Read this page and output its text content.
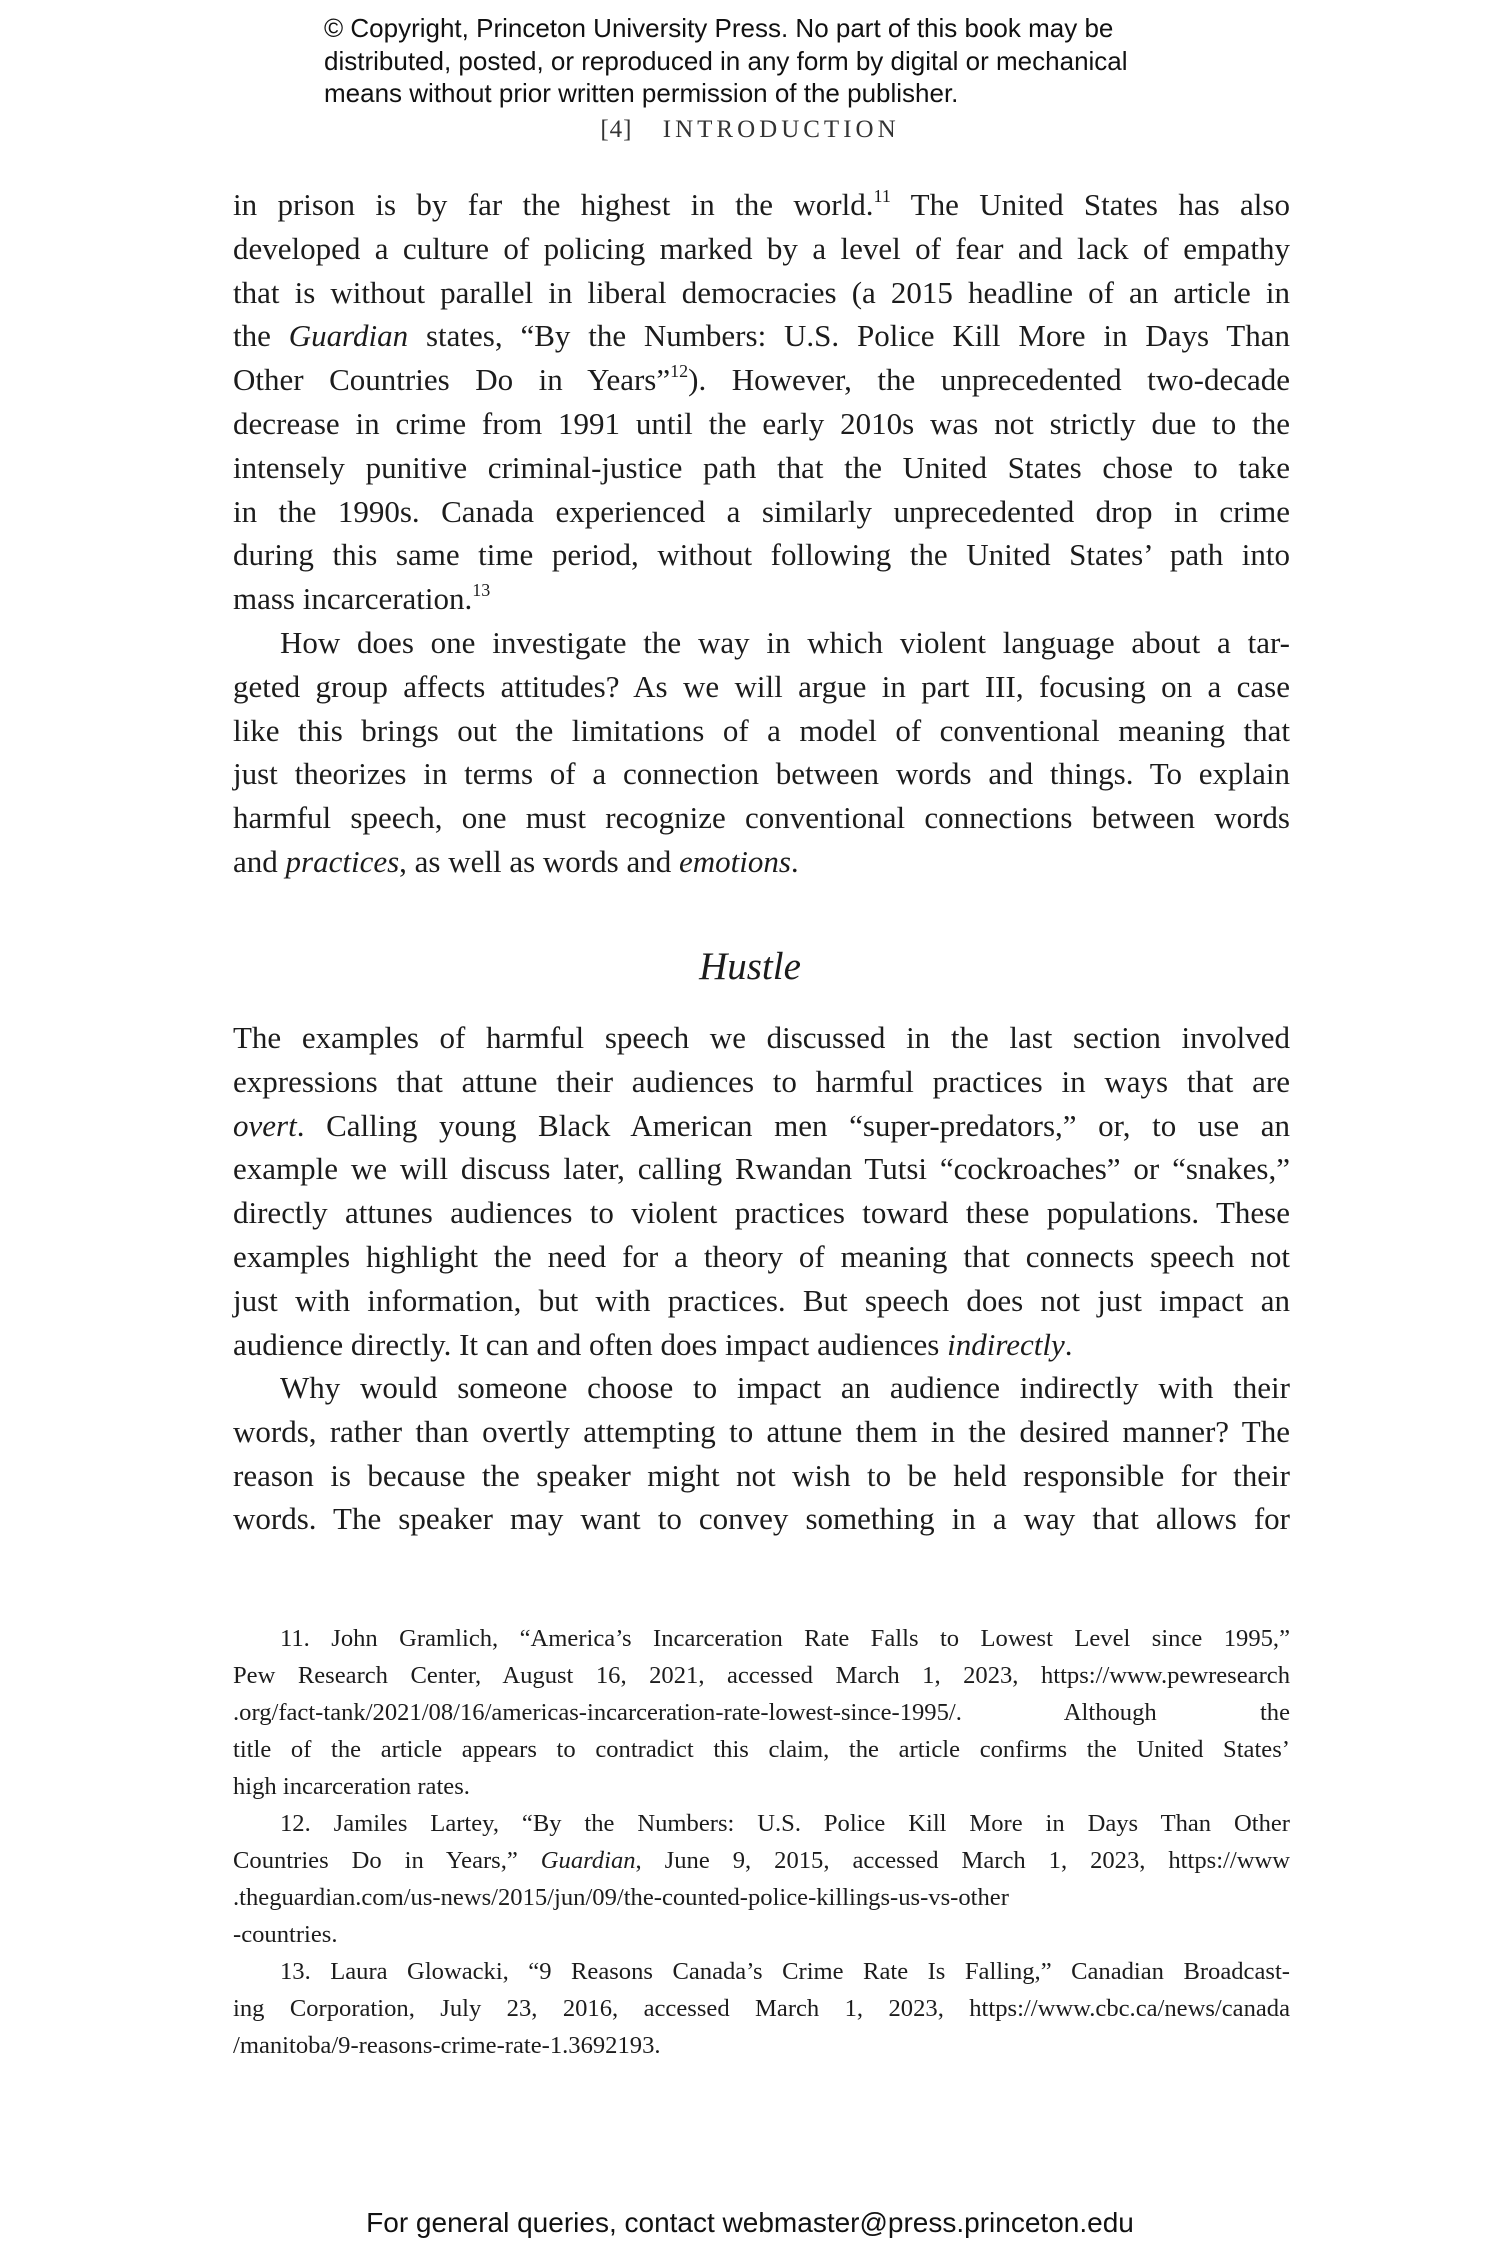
© Copyright, Princeton University Press. No part of this book may be
distributed, posted, or reproduced in any form by digital or mechanical
means without prior written permission of the publisher.
[4] INTRODUCTION
in prison is by far the highest in the world.$^{11}$ The United States has also
developed a culture of policing marked by a level of fear and lack of empathy
that is without parallel in liberal democracies (a 2015 headline of an article in
the Guardian states, “By the Numbers: U.S. Police Kill More in Days Than
Other Countries Do in Years”$^{12}$). However, the unprecedented two-decade
decrease in crime from 1991 until the early 2010s was not strictly due to the
intensely punitive criminal-justice path that the United States chose to take
in the 1990s. Canada experienced a similarly unprecedented drop in crime
during this same time period, without following the United States’ path into
mass incarceration.$^{13}$
How does one investigate the way in which violent language about a tar-
geted group affects attitudes? As we will argue in part III, focusing on a case
like this brings out the limitations of a model of conventional meaning that
just theorizes in terms of a connection between words and things. To explain
harmful speech, one must recognize conventional connections between words
and practices, as well as words and emotions.
Hustle
The examples of harmful speech we discussed in the last section involved
expressions that attune their audiences to harmful practices in ways that are
overt. Calling young Black American men “super-predators,” or, to use an
example we will discuss later, calling Rwandan Tutsi “cockroaches” or “snakes,”
directly attunes audiences to violent practices toward these populations. These
examples highlight the need for a theory of meaning that connects speech not
just with information, but with practices. But speech does not just impact an
audience directly. It can and often does impact audiences indirectly.
Why would someone choose to impact an audience indirectly with their
words, rather than overtly attempting to attune them in the desired manner? The
reason is because the speaker might not wish to be held responsible for their
words. The speaker may want to convey something in a way that allows for
11. John Gramlich, “America’s Incarceration Rate Falls to Lowest Level since 1995,”
Pew Research Center, August 16, 2021, accessed March 1, 2023, https://www.pewresearch
.org/fact-tank/2021/08/16/americas-incarceration-rate-lowest-since-1995/. Although the
title of the article appears to contradict this claim, the article confirms the United States’
high incarceration rates.
12. Jamiles Lartey, “By the Numbers: U.S. Police Kill More in Days Than Other
Countries Do in Years,” Guardian, June 9, 2015, accessed March 1, 2023, https://www
.theguardian.com/us-news/2015/jun/09/the-counted-police-killings-us-vs-other
-countries.
13. Laura Glowacki, “9 Reasons Canada’s Crime Rate Is Falling,” Canadian Broadcast-
ing Corporation, July 23, 2016, accessed March 1, 2023, https://www.cbc.ca/news/canada
/manitoba/9-reasons-crime-rate-1.3692193.
For general queries, contact webmaster@press.princeton.edu
